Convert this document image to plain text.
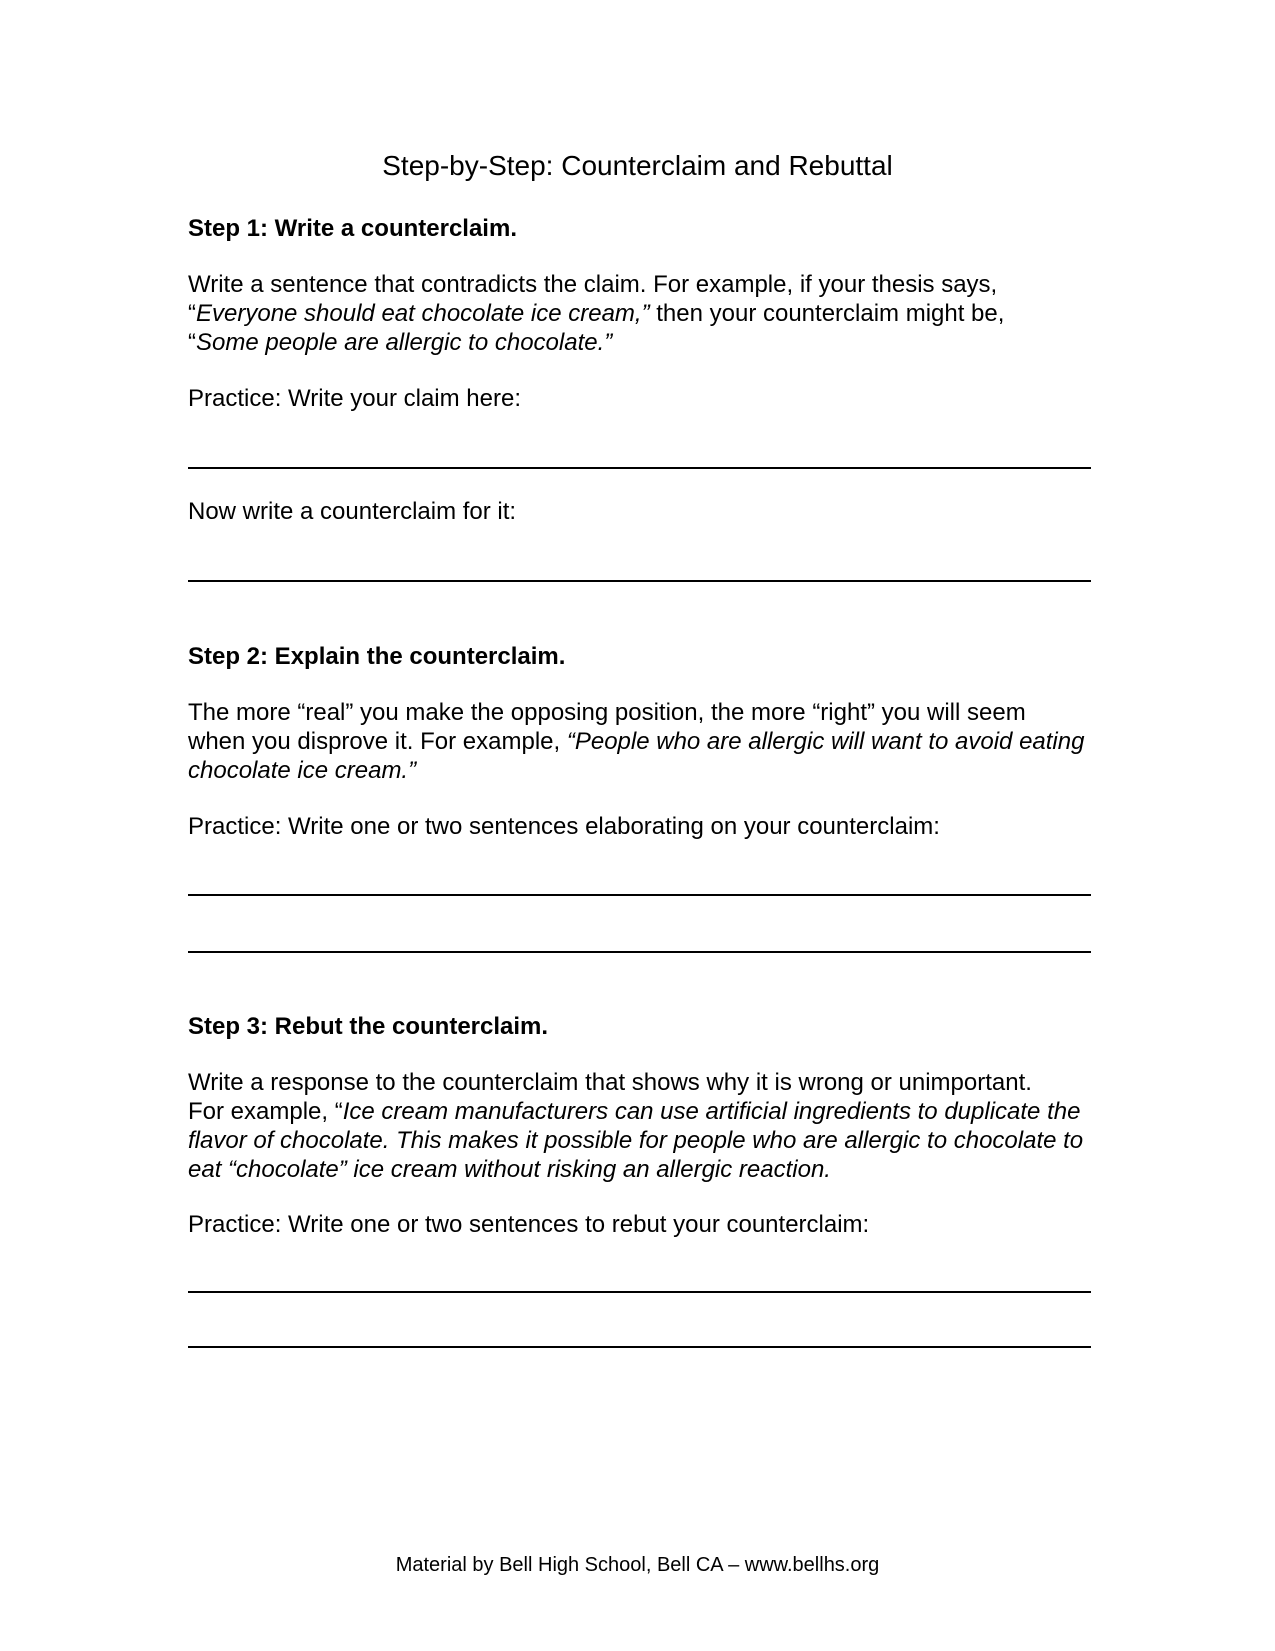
Step-by-Step: Counterclaim and Rebuttal
Step 1: Write a counterclaim.
Write a sentence that contradicts the claim. For example, if your thesis says,
“Everyone should eat chocolate ice cream,” then your counterclaim might be,
“Some people are allergic to chocolate.”
Practice: Write your claim here:
Now write a counterclaim for it:
Step 2: Explain the counterclaim.
The more “real” you make the opposing position, the more “right” you will seem
when you disprove it. For example, “People who are allergic will want to avoid eating chocolate ice cream.”
Practice: Write one or two sentences elaborating on your counterclaim:
Step 3: Rebut the counterclaim.
Write a response to the counterclaim that shows why it is wrong or unimportant.
For example, “Ice cream manufacturers can use artificial ingredients to duplicate the flavor of chocolate. This makes it possible for people who are allergic to chocolate to eat “chocolate” ice cream without risking an allergic reaction.
Practice: Write one or two sentences to rebut your counterclaim:
Material by Bell High School, Bell CA – www.bellhs.org
